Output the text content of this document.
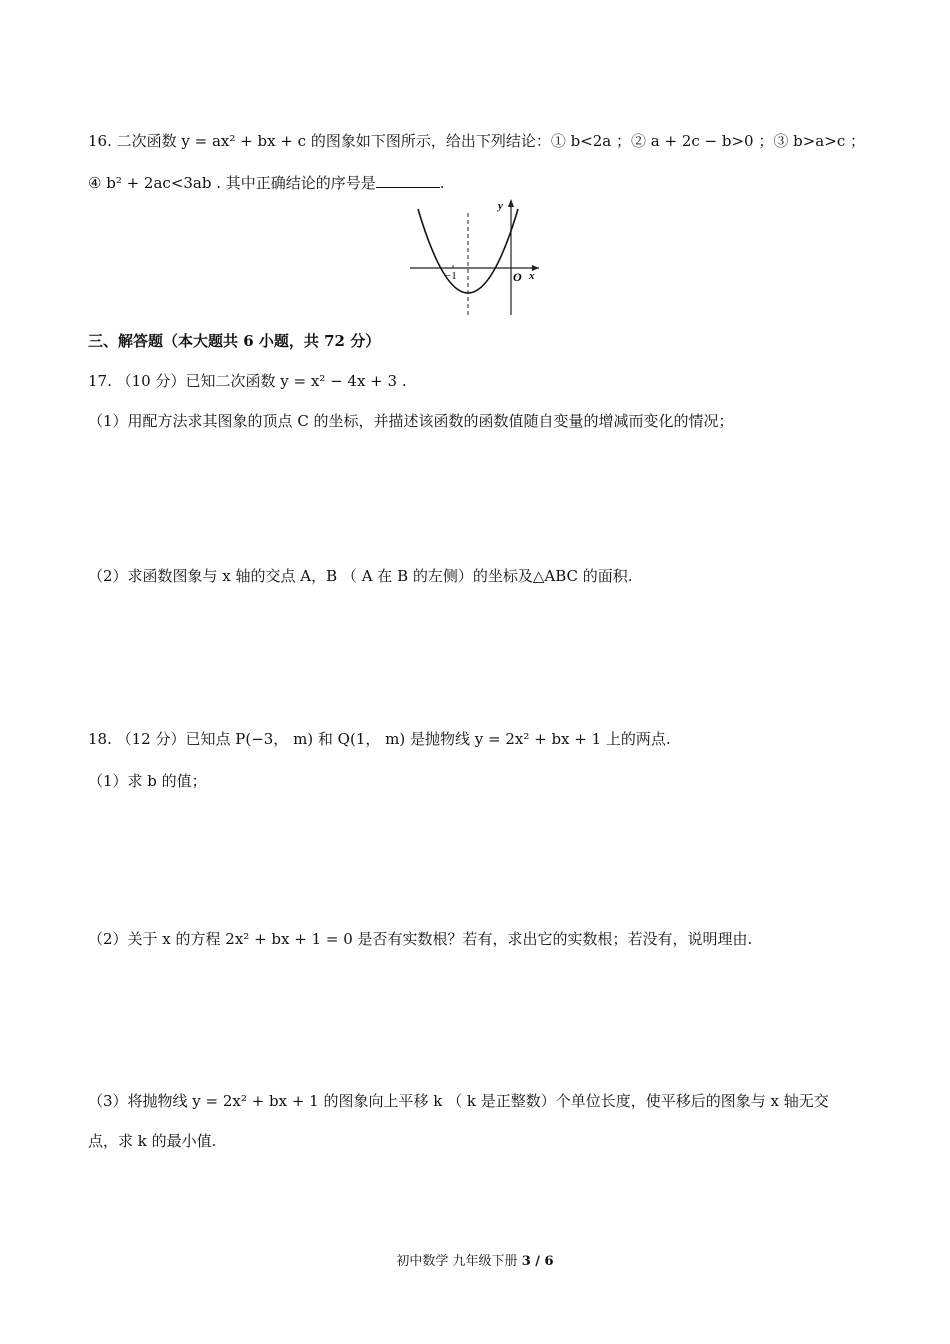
16. 二次函数 y = ax² + bx + c 的图象如下图所示，给出下列结论：① b<2a ；② a + 2c − b>0 ；③ b>a>c ；
④ b² + 2ac<3ab . 其中正确结论的序号是	.
−1	O x
y
三、解答题（本大题共 6 小题，共 72 分）
17. （10 分）已知二次函数 y = x² − 4x + 3 .
（1）用配方法求其图象的顶点 C 的坐标，并描述该函数的函数值随自变量的增减而变化的情况；
（2）求函数图象与 x 轴的交点 A，B （ A 在 B 的左侧）的坐标及△ABC 的面积.
18. （12 分）已知点 P(−3， m) 和 Q(1， m) 是抛物线 y = 2x² + bx + 1 上的两点.
（1）求 b 的值；
（2）关于 x 的方程 2x² + bx + 1 = 0 是否有实数根？若有，求出它的实数根；若没有，说明理由.
（3）将抛物线 y = 2x² + bx + 1 的图象向上平移 k （ k 是正整数）个单位长度，使平移后的图象与 x 轴无交
点，求 k 的最小值.
初中数学 九年级下册 3 / 6
